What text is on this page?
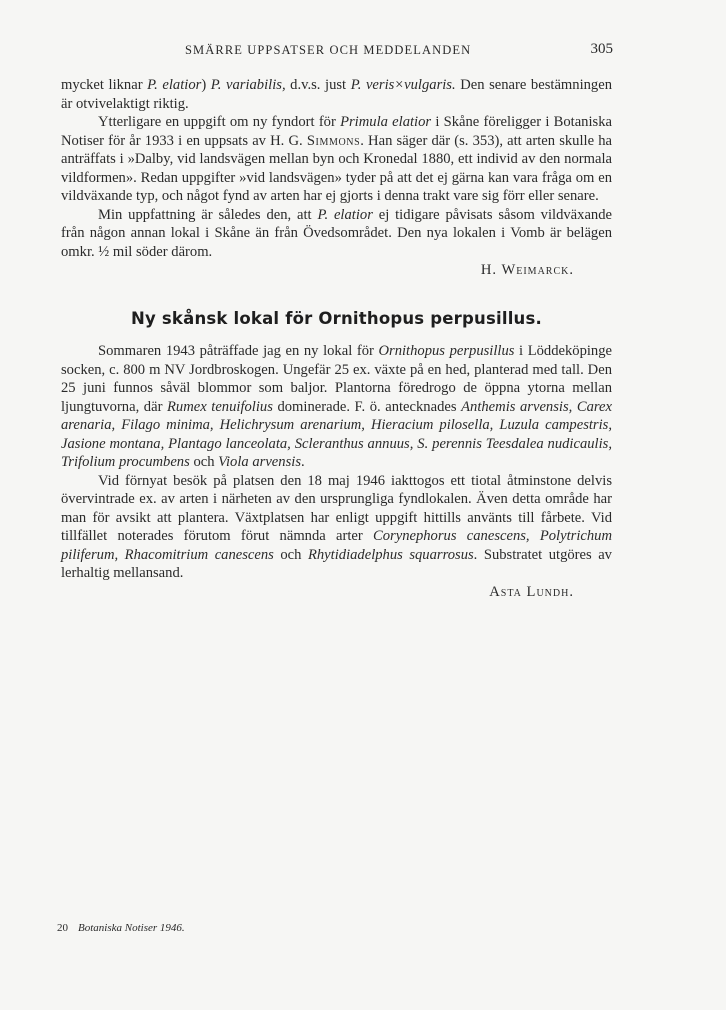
SMÄRRE UPPSATSER OCH MEDDELANDEN	305

mycket liknar P. elatior) P. variabilis, d.v.s. just P. veris×vulgaris. Den senare bestämningen är otvivelaktigt riktig.

Ytterligare en uppgift om ny fyndort för Primula elatior i Skåne föreligger i Botaniska Notiser för år 1933 i en uppsats av H. G. Simmons. Han säger där (s. 353), att arten skulle ha anträffats i »Dalby, vid landsvägen mellan byn och Kronedal 1880, ett individ av den normala vildformen». Redan uppgifter »vid landsvägen» tyder på att det ej gärna kan vara fråga om en vildväxande typ, och något fynd av arten har ej gjorts i denna trakt vare sig förr eller senare.

Min uppfattning är således den, att P. elatior ej tidigare påvisats såsom vildväxande från någon annan lokal i Skåne än från Övedsområdet. Den nya lokalen i Vomb är belägen omkr. ½ mil söder därom.

H. Weimarck.

Ny skånsk lokal för Ornithopus perpusillus.

Sommaren 1943 påträffade jag en ny lokal för Ornithopus perpusillus i Löddeköpinge socken, c. 800 m NV Jordbroskogen. Ungefär 25 ex. växte på en hed, planterad med tall. Den 25 juni funnos såväl blommor som baljor. Plantorna föredrogo de öppna ytorna mellan ljungtuvorna, där Rumex tenuifolius dominerade. F. ö. antecknades Anthemis arvensis, Carex arenaria, Filago minima, Helichrysum arenarium, Hieracium pilosella, Luzula campestris, Jasione montana, Plantago lanceolata, Scleranthus annuus, S. perennis Teesdalea nudicaulis, Trifolium procumbens och Viola arvensis.

Vid förnyat besök på platsen den 18 maj 1946 iakttogos ett tiotal åtminstone delvis övervintrade ex. av arten i närheten av den ursprungliga fyndlokalen. Även detta område har man för avsikt att plantera. Växtplatsen har enligt uppgift hittills använts till fårbete. Vid tillfället noterades förutom förut nämnda arter Corynephorus canescens, Polytrichum piliferum, Rhacomitrium canescens och Rhytidiadelphus squarrosus. Substratet utgöres av lerhaltig mellansand.

Asta Lundh.

20 Botaniska Notiser 1946.
